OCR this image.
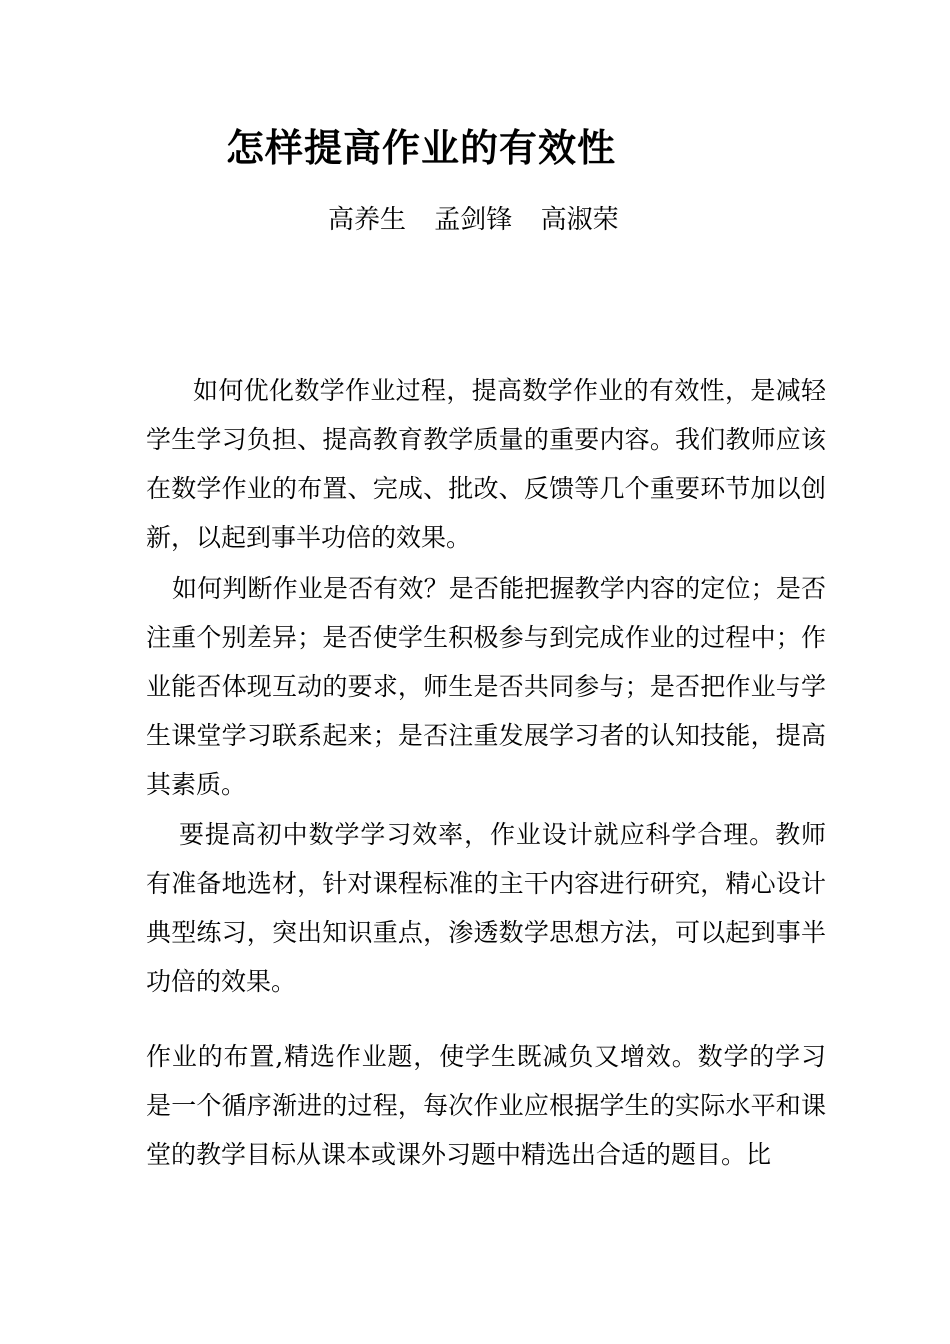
怎样提高作业的有效性
高养生 孟剑锋 高淑荣

如何优化数学作业过程，提高数学作业的有效性，是减轻学生学习负担、提高教育教学质量的重要内容。我们教师应该在数学作业的布置、完成、批改、反馈等几个重要环节加以创新，以起到事半功倍的效果。

如何判断作业是否有效？是否能把握教学内容的定位；是否注重个别差异；是否使学生积极参与到完成作业的过程中；作业能否体现互动的要求，师生是否共同参与；是否把作业与学生课堂学习联系起来；是否注重发展学习者的认知技能，提高其素质。

要提高初中数学学习效率，作业设计就应科学合理。教师有准备地选材，针对课程标准的主干内容进行研究，精心设计典型练习，突出知识重点，渗透数学思想方法，可以起到事半功倍的效果。

作业的布置,精选作业题，使学生既减负又增效。数学的学习是一个循序渐进的过程，每次作业应根据学生的实际水平和课堂的教学目标从课本或课外习题中精选出合适的题目。比
